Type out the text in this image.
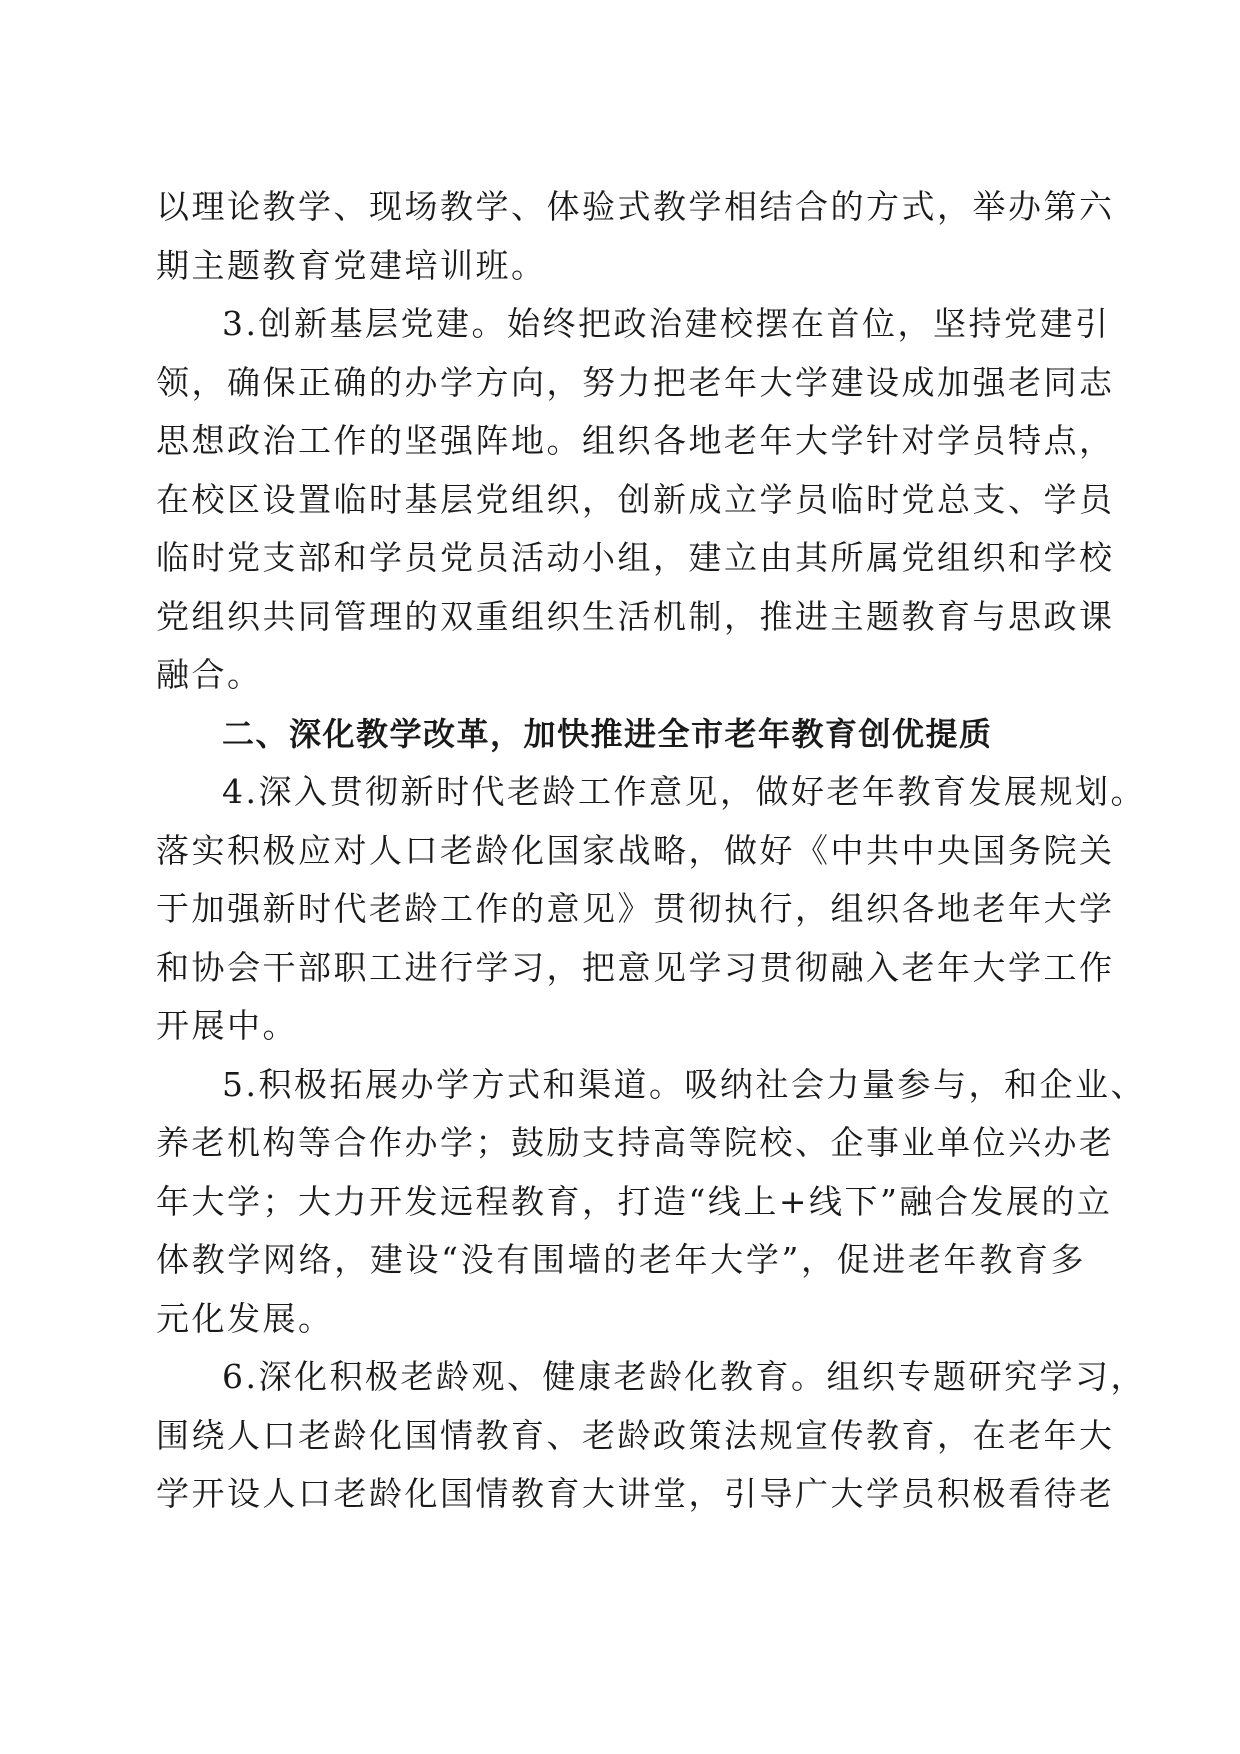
以理论教学、现场教学、体验式教学相结合的方式，举办第六
期主题教育党建培训班。
3.创新基层党建。始终把政治建校摆在首位，坚持党建引
领，确保正确的办学方向，努力把老年大学建设成加强老同志
思想政治工作的坚强阵地。组织各地老年大学针对学员特点，
在校区设置临时基层党组织，创新成立学员临时党总支、学员
临时党支部和学员党员活动小组，建立由其所属党组织和学校
党组织共同管理的双重组织生活机制，推进主题教育与思政课
融合。
二、深化教学改革，加快推进全市老年教育创优提质
4.深入贯彻新时代老龄工作意见，做好老年教育发展规划。
落实积极应对人口老龄化国家战略，做好《中共中央国务院关
于加强新时代老龄工作的意见》贯彻执行，组织各地老年大学
和协会干部职工进行学习，把意见学习贯彻融入老年大学工作
开展中。
5.积极拓展办学方式和渠道。吸纳社会力量参与，和企业、
养老机构等合作办学；鼓励支持高等院校、企事业单位兴办老
年大学；大力开发远程教育，打造“线上+线下”融合发展的立
体教学网络，建设“没有围墙的老年大学”，促进老年教育多
元化发展。
6.深化积极老龄观、健康老龄化教育。组织专题研究学习，
围绕人口老龄化国情教育、老龄政策法规宣传教育，在老年大
学开设人口老龄化国情教育大讲堂，引导广大学员积极看待老
